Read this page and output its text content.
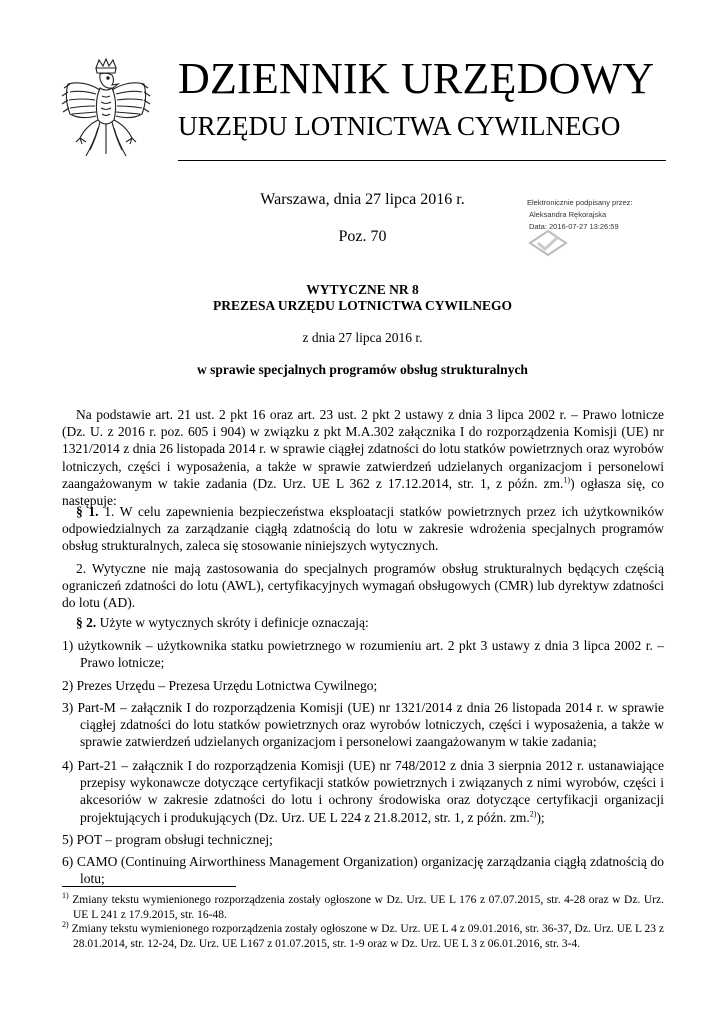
DZIENNIK URZĘDOWY
URZĘDU LOTNICTWA CYWILNEGO
Warszawa, dnia 27 lipca 2016 r.
Poz. 70
Elektronicznie podpisany przez:
Aleksandra Rękorajska
Data: 2016-07-27 13:26:59
WYTYCZNE NR 8
PREZESA URZĘDU LOTNICTWA CYWILNEGO
z dnia 27 lipca 2016 r.
w sprawie specjalnych programów obsług strukturalnych
Na podstawie art. 21 ust. 2 pkt 16 oraz art. 23 ust. 2 pkt 2 ustawy z dnia 3 lipca 2002 r. – Prawo lotnicze (Dz. U. z 2016 r. poz. 605 i 904) w związku z pkt M.A.302 załącznika I do rozporządzenia Komisji (UE) nr 1321/2014 z dnia 26 listopada 2014 r. w sprawie ciągłej zdatności do lotu statków powietrznych oraz wyrobów lotniczych, części i wyposażenia, a także w sprawie zatwierdzeń udzielanych organizacjom i personelowi zaangażowanym w takie zadania (Dz. Urz. UE L 362 z 17.12.2014, str. 1, z późn. zm.$^{1)}$) ogłasza się, co następuje:
§ 1. 1. W celu zapewnienia bezpieczeństwa eksploatacji statków powietrznych przez ich użytkowników odpowiedzialnych za zarządzanie ciągłą zdatnością do lotu w zakresie wdrożenia specjalnych programów obsług strukturalnych, zaleca się stosowanie niniejszych wytycznych.
2. Wytyczne nie mają zastosowania do specjalnych programów obsług strukturalnych będących częścią ograniczeń zdatności do lotu (AWL), certyfikacyjnych wymagań obsługowych (CMR) lub dyrektyw zdatności do lotu (AD).
§ 2. Użyte w wytycznych skróty i definicje oznaczają:
1) użytkownik – użytkownika statku powietrznego w rozumieniu art. 2 pkt 3 ustawy z dnia 3 lipca 2002 r. – Prawo lotnicze;
2) Prezes Urzędu – Prezesa Urzędu Lotnictwa Cywilnego;
3) Part-M – załącznik I do rozporządzenia Komisji (UE) nr 1321/2014 z dnia 26 listopada 2014 r. w sprawie ciągłej zdatności do lotu statków powietrznych oraz wyrobów lotniczych, części i wyposażenia, a także w sprawie zatwierdzeń udzielanych organizacjom i personelowi zaangażowanym w takie zadania;
4) Part-21 – załącznik I do rozporządzenia Komisji (UE) nr 748/2012 z dnia 3 sierpnia 2012 r. ustanawiające przepisy wykonawcze dotyczące certyfikacji statków powietrznych i związanych z nimi wyrobów, części i akcesoriów w zakresie zdatności do lotu i ochrony środowiska oraz dotyczące certyfikacji organizacji projektujących i produkujących (Dz. Urz. UE L 224 z 21.8.2012, str. 1, z późn. zm.$^{2)}$);
5) POT – program obsługi technicznej;
6) CAMO (Continuing Airworthiness Management Organization) organizację zarządzania ciągłą zdatnością do lotu;
$^{1)}$ Zmiany tekstu wymienionego rozporządzenia zostały ogłoszone w Dz. Urz. UE L 176 z 07.07.2015, str. 4-28 oraz w Dz. Urz. UE L 241 z 17.9.2015, str. 16-48.
$^{2)}$ Zmiany tekstu wymienionego rozporządzenia zostały ogłoszone w Dz. Urz. UE L 4 z 09.01.2016, str. 36-37, Dz. Urz. UE L 23 z 28.01.2014, str. 12-24, Dz. Urz. UE L167 z 01.07.2015, str. 1-9 oraz w Dz. Urz. UE L 3 z 06.01.2016, str. 3-4.
